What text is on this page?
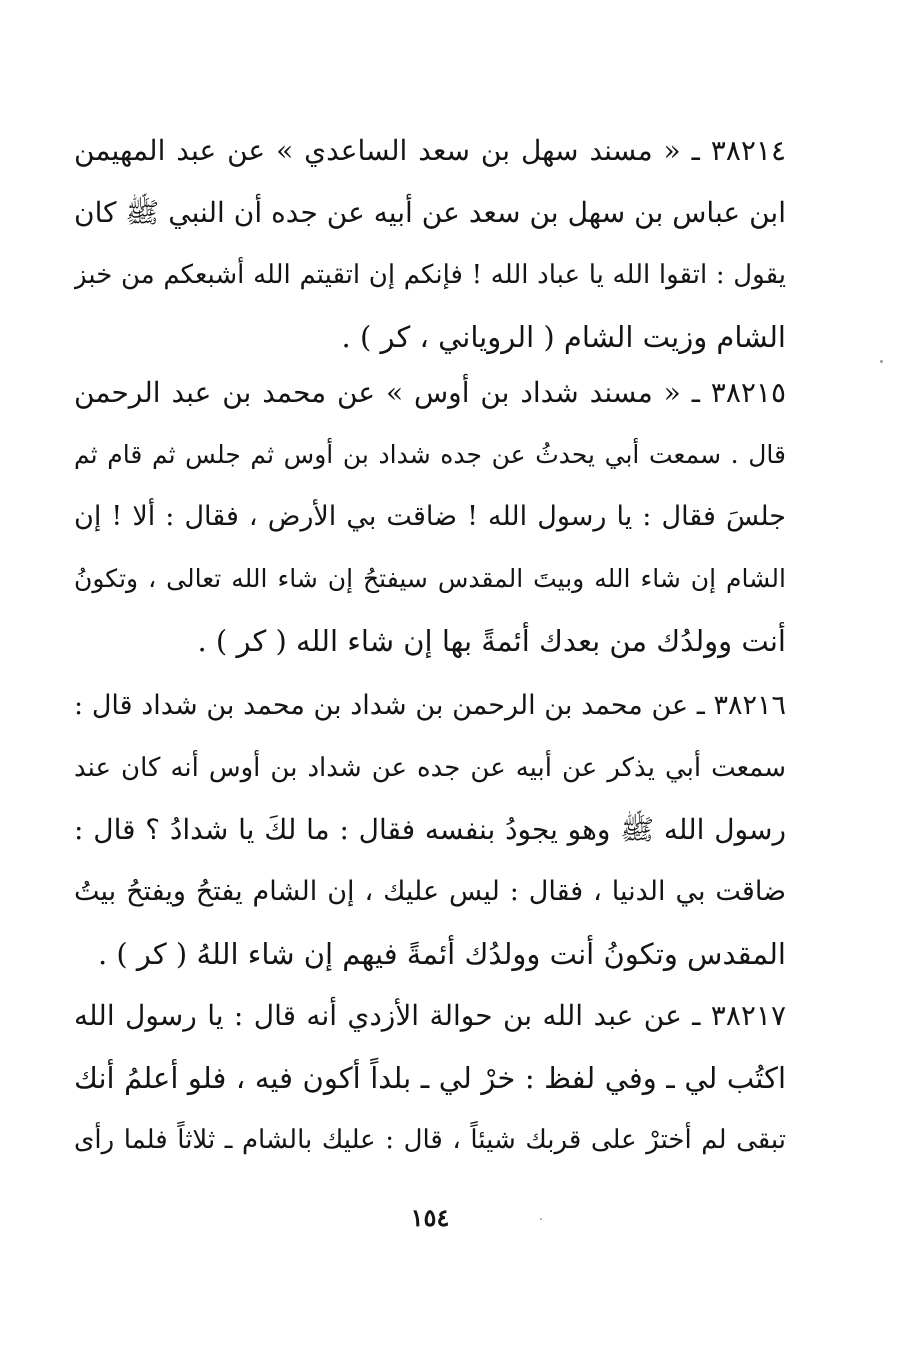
٣٨٢١٤ ـ « مسند سهل بن سعد الساعدي » عن عبد المهيمن
ابن عباس بن سهل بن سعد عن أبيه عن جده أن النبي ﷺ كان
يقول : اتقوا الله يا عباد الله ! فإنكم إن اتقيتم الله أشبعكم من خبز
الشام وزيت الشام ( الروياني ، كر ) .
٣٨٢١٥ ـ « مسند شداد بن أوس » عن محمد بن عبد الرحمن
قال . سمعت أبي يحدثُ عن جده شداد بن أوس ثم جلس ثم قام ثم
جلسَ فقال : يا رسول الله ! ضاقت بي الأرض ، فقال : ألا ! إن
الشام إن شاء الله وبيتَ المقدس سيفتحُ إن شاء الله تعالى ، وتكونُ
أنت وولدُك من بعدك أئمةً بها إن شاء الله ( كر ) .
٣٨٢١٦ ـ عن محمد بن الرحمن بن شداد بن محمد بن شداد قال :
سمعت أبي يذكر عن أبيه عن جده عن شداد بن أوس أنه كان عند
رسول الله ﷺ وهو يجودُ بنفسه فقال : ما لكَ يا شدادُ ؟ قال :
ضاقت بي الدنيا ، فقال : ليس عليك ، إن الشام يفتحُ ويفتحُ بيتُ
المقدس وتكونُ أنت وولدُك أئمةً فيهم إن شاء اللهُ ( كر ) .
٣٨٢١٧ ـ عن عبد الله بن حوالة الأزدي أنه قال : يا رسول الله
اكتُب لي ـ وفي لفظ : خرْ لي ـ بلداً أكون فيه ، فلو أعلمُ أنك
تبقى لم أخترْ على قربك شيئاً ، قال : عليك بالشام ـ ثلاثاً فلما رأى
١٥٤
